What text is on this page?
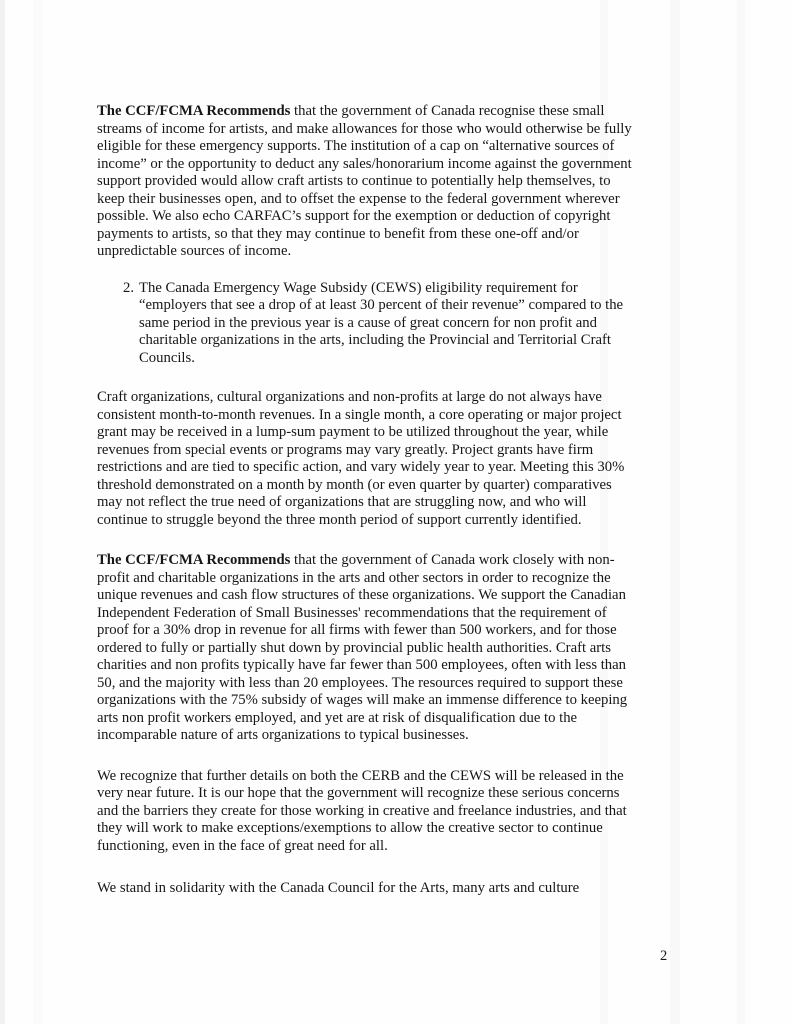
The CCF/FCMA Recommends that the government of Canada recognise these small streams of income for artists, and make allowances for those who would otherwise be fully eligible for these emergency supports. The institution of a cap on “alternative sources of income” or the opportunity to deduct any sales/honorarium income against the government support provided would allow craft artists to continue to potentially help themselves, to keep their businesses open, and to offset the expense to the federal government wherever possible. We also echo CARFAC’s support for the exemption or deduction of copyright payments to artists, so that they may continue to benefit from these one-off and/or unpredictable sources of income.

2. The Canada Emergency Wage Subsidy (CEWS) eligibility requirement for “employers that see a drop of at least 30 percent of their revenue” compared to the same period in the previous year is a cause of great concern for non profit and charitable organizations in the arts, including the Provincial and Territorial Craft Councils.

Craft organizations, cultural organizations and non-profits at large do not always have consistent month-to-month revenues. In a single month, a core operating or major project grant may be received in a lump-sum payment to be utilized throughout the year, while revenues from special events or programs may vary greatly. Project grants have firm restrictions and are tied to specific action, and vary widely year to year. Meeting this 30% threshold demonstrated on a month by month (or even quarter by quarter) comparatives may not reflect the true need of organizations that are struggling now, and who will continue to struggle beyond the three month period of support currently identified.

The CCF/FCMA Recommends that the government of Canada work closely with non-profit and charitable organizations in the arts and other sectors in order to recognize the unique revenues and cash flow structures of these organizations. We support the Canadian Independent Federation of Small Businesses' recommendations that the requirement of proof for a 30% drop in revenue for all firms with fewer than 500 workers, and for those ordered to fully or partially shut down by provincial public health authorities. Craft arts charities and non profits typically have far fewer than 500 employees, often with less than 50, and the majority with less than 20 employees. The resources required to support these organizations with the 75% subsidy of wages will make an immense difference to keeping arts non profit workers employed, and yet are at risk of disqualification due to the incomparable nature of arts organizations to typical businesses.

We recognize that further details on both the CERB and the CEWS will be released in the very near future. It is our hope that the government will recognize these serious concerns and the barriers they create for those working in creative and freelance industries, and that they will work to make exceptions/exemptions to allow the creative sector to continue functioning, even in the face of great need for all.

We stand in solidarity with the Canada Council for the Arts, many arts and culture

2
